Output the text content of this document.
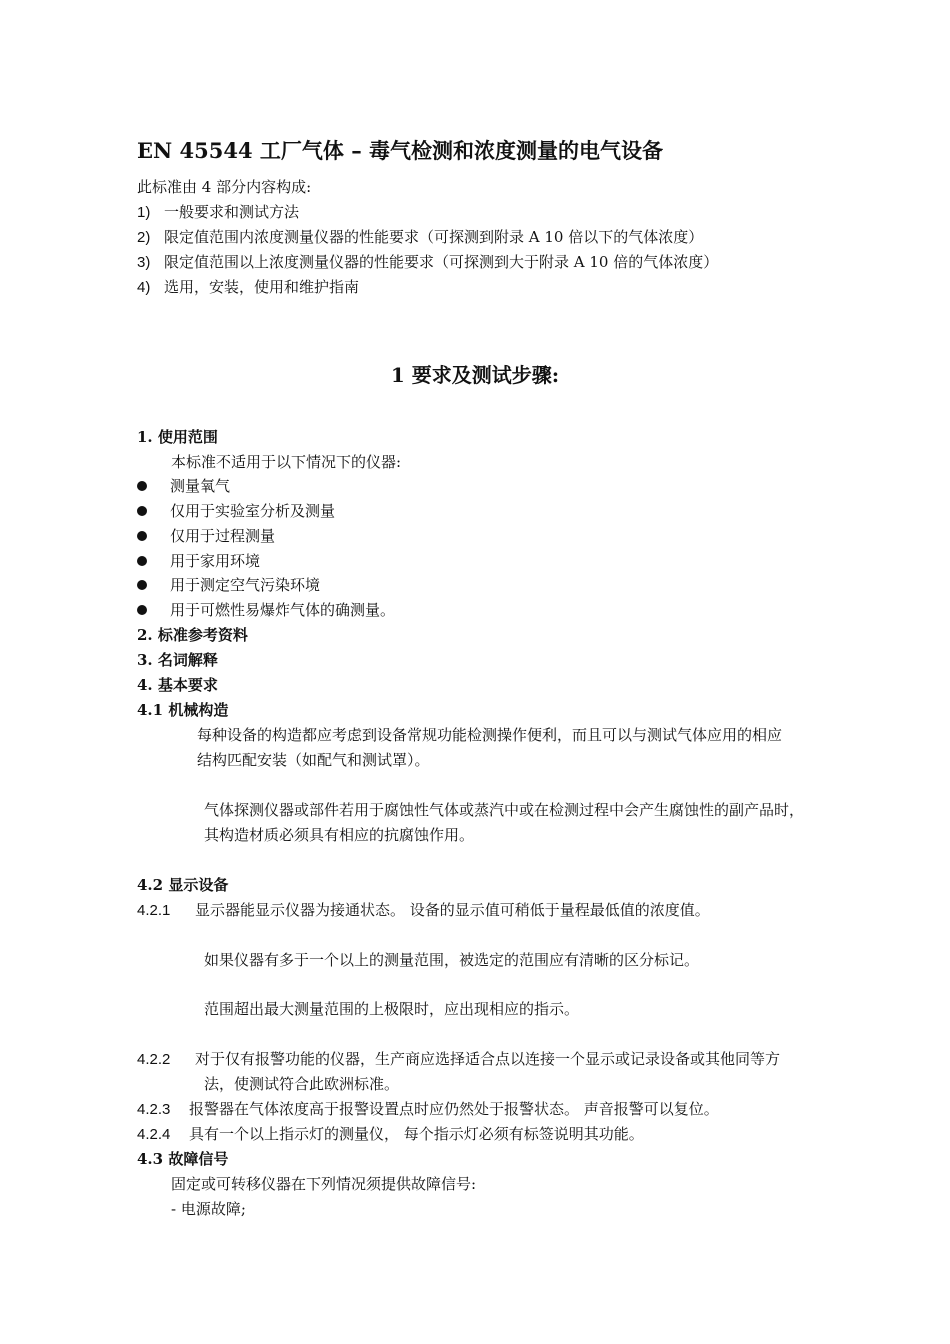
EN 45544 工厂气体 – 毒气检测和浓度测量的电气设备
此标准由 4 部分内容构成:
1) 一般要求和测试方法
2) 限定值范围内浓度测量仪器的性能要求（可探测到附录 A 10 倍以下的气体浓度）
3) 限定值范围以上浓度测量仪器的性能要求（可探测到大于附录 A 10 倍的气体浓度）
4) 选用，安装，使用和维护指南
1 要求及测试步骤:
1. 使用范围
本标准不适用于以下情况下的仪器:
测量氧气
仅用于实验室分析及测量
仅用于过程测量
用于家用环境
用于测定空气污染环境
用于可燃性易爆炸气体的确测量。
2. 标准参考资料
3. 名词解释
4. 基本要求
4.1 机械构造
每种设备的构造都应考虑到设备常规功能检测操作便利，而且可以与测试气体应用的相应
结构匹配安装（如配气和测试罩）。
气体探测仪器或部件若用于腐蚀性气体或蒸汽中或在检测过程中会产生腐蚀性的副产品时，
其构造材质必须具有相应的抗腐蚀作用。
4.2 显示设备
4.2.1 显示器能显示仪器为接通状态。 设备的显示值可稍低于量程最低值的浓度值。
如果仪器有多于一个以上的测量范围，被选定的范围应有清晰的区分标记。
范围超出最大测量范围的上极限时，应出现相应的指示。
4.2.2 对于仅有报警功能的仪器，生产商应选择适合点以连接一个显示或记录设备或其他同等方
法，使测试符合此欧洲标准。
4.2.3 报警器在气体浓度高于报警设置点时应仍然处于报警状态。 声音报警可以复位。
4.2.4 具有一个以上指示灯的测量仪， 每个指示灯必须有标签说明其功能。
4.3 故障信号
固定或可转移仪器在下列情况须提供故障信号:
- 电源故障;
